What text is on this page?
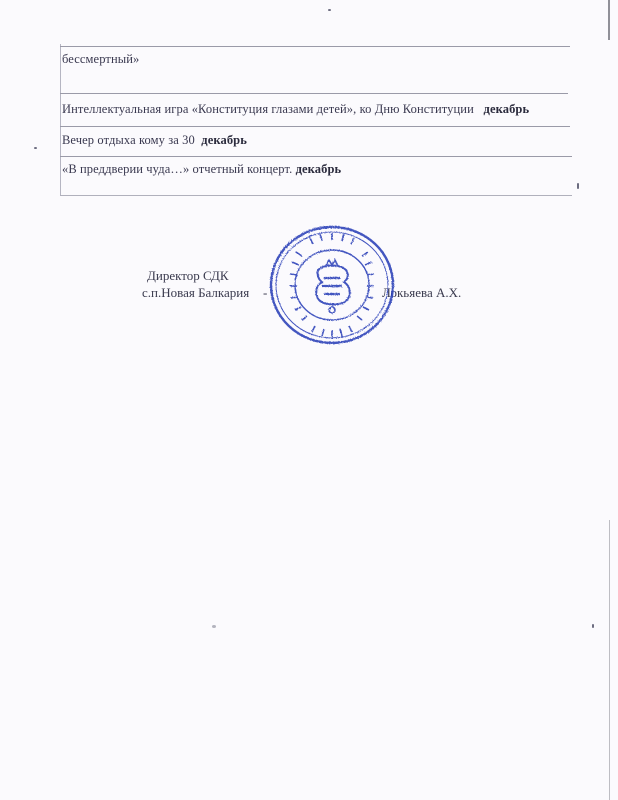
бессмертный»
Интеллектуальная игра «Конституция глазами детей», ко Дню Конституции декабрь
Вечер отдыха кому за 30 декабрь
«В преддверии чуда…» отчетный концерт. декабрь
Директор СДК
с.п.Новая Балкария -	Локьяева А.Х.
